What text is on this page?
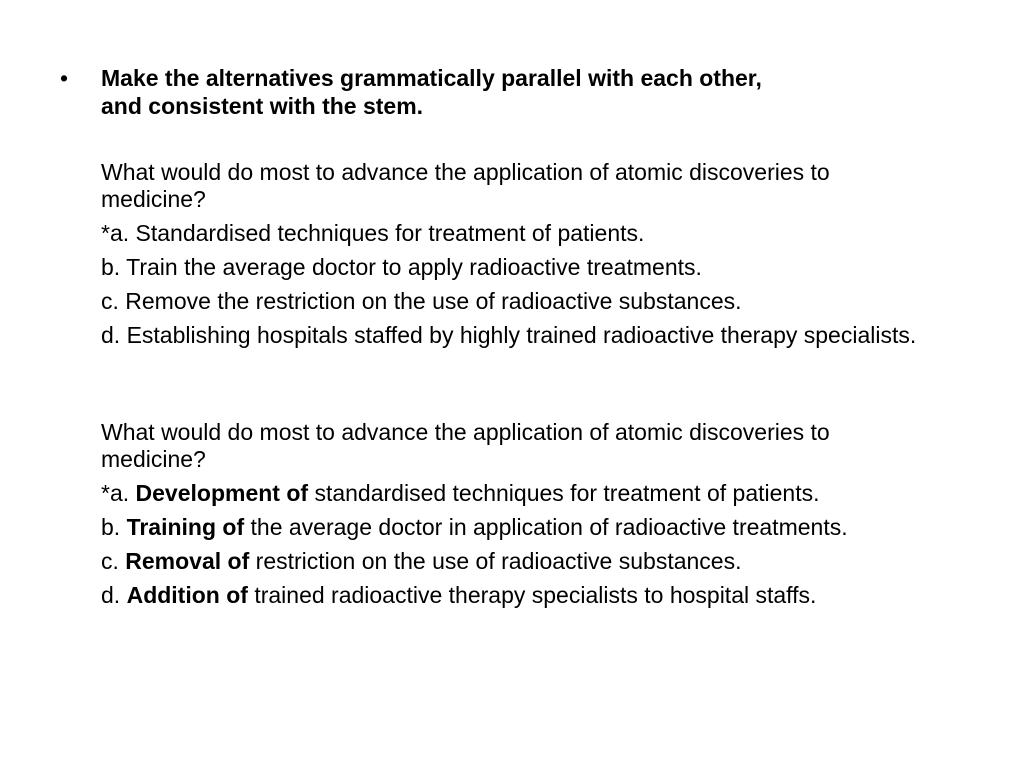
• Make the alternatives grammatically parallel with each other,
and consistent with the stem.

What would do most to advance the application of atomic discoveries to medicine?

*a. Standardised techniques for treatment of patients.

b. Train the average doctor to apply radioactive treatments.

c. Remove the restriction on the use of radioactive substances.

d. Establishing hospitals staffed by highly trained radioactive therapy specialists.

What would do most to advance the application of atomic discoveries to medicine?

*a. Development of standardised techniques for treatment of patients.

b. Training of the average doctor in application of radioactive treatments.

c. Removal of restriction on the use of radioactive substances.

d. Addition of trained radioactive therapy specialists to hospital staffs.
